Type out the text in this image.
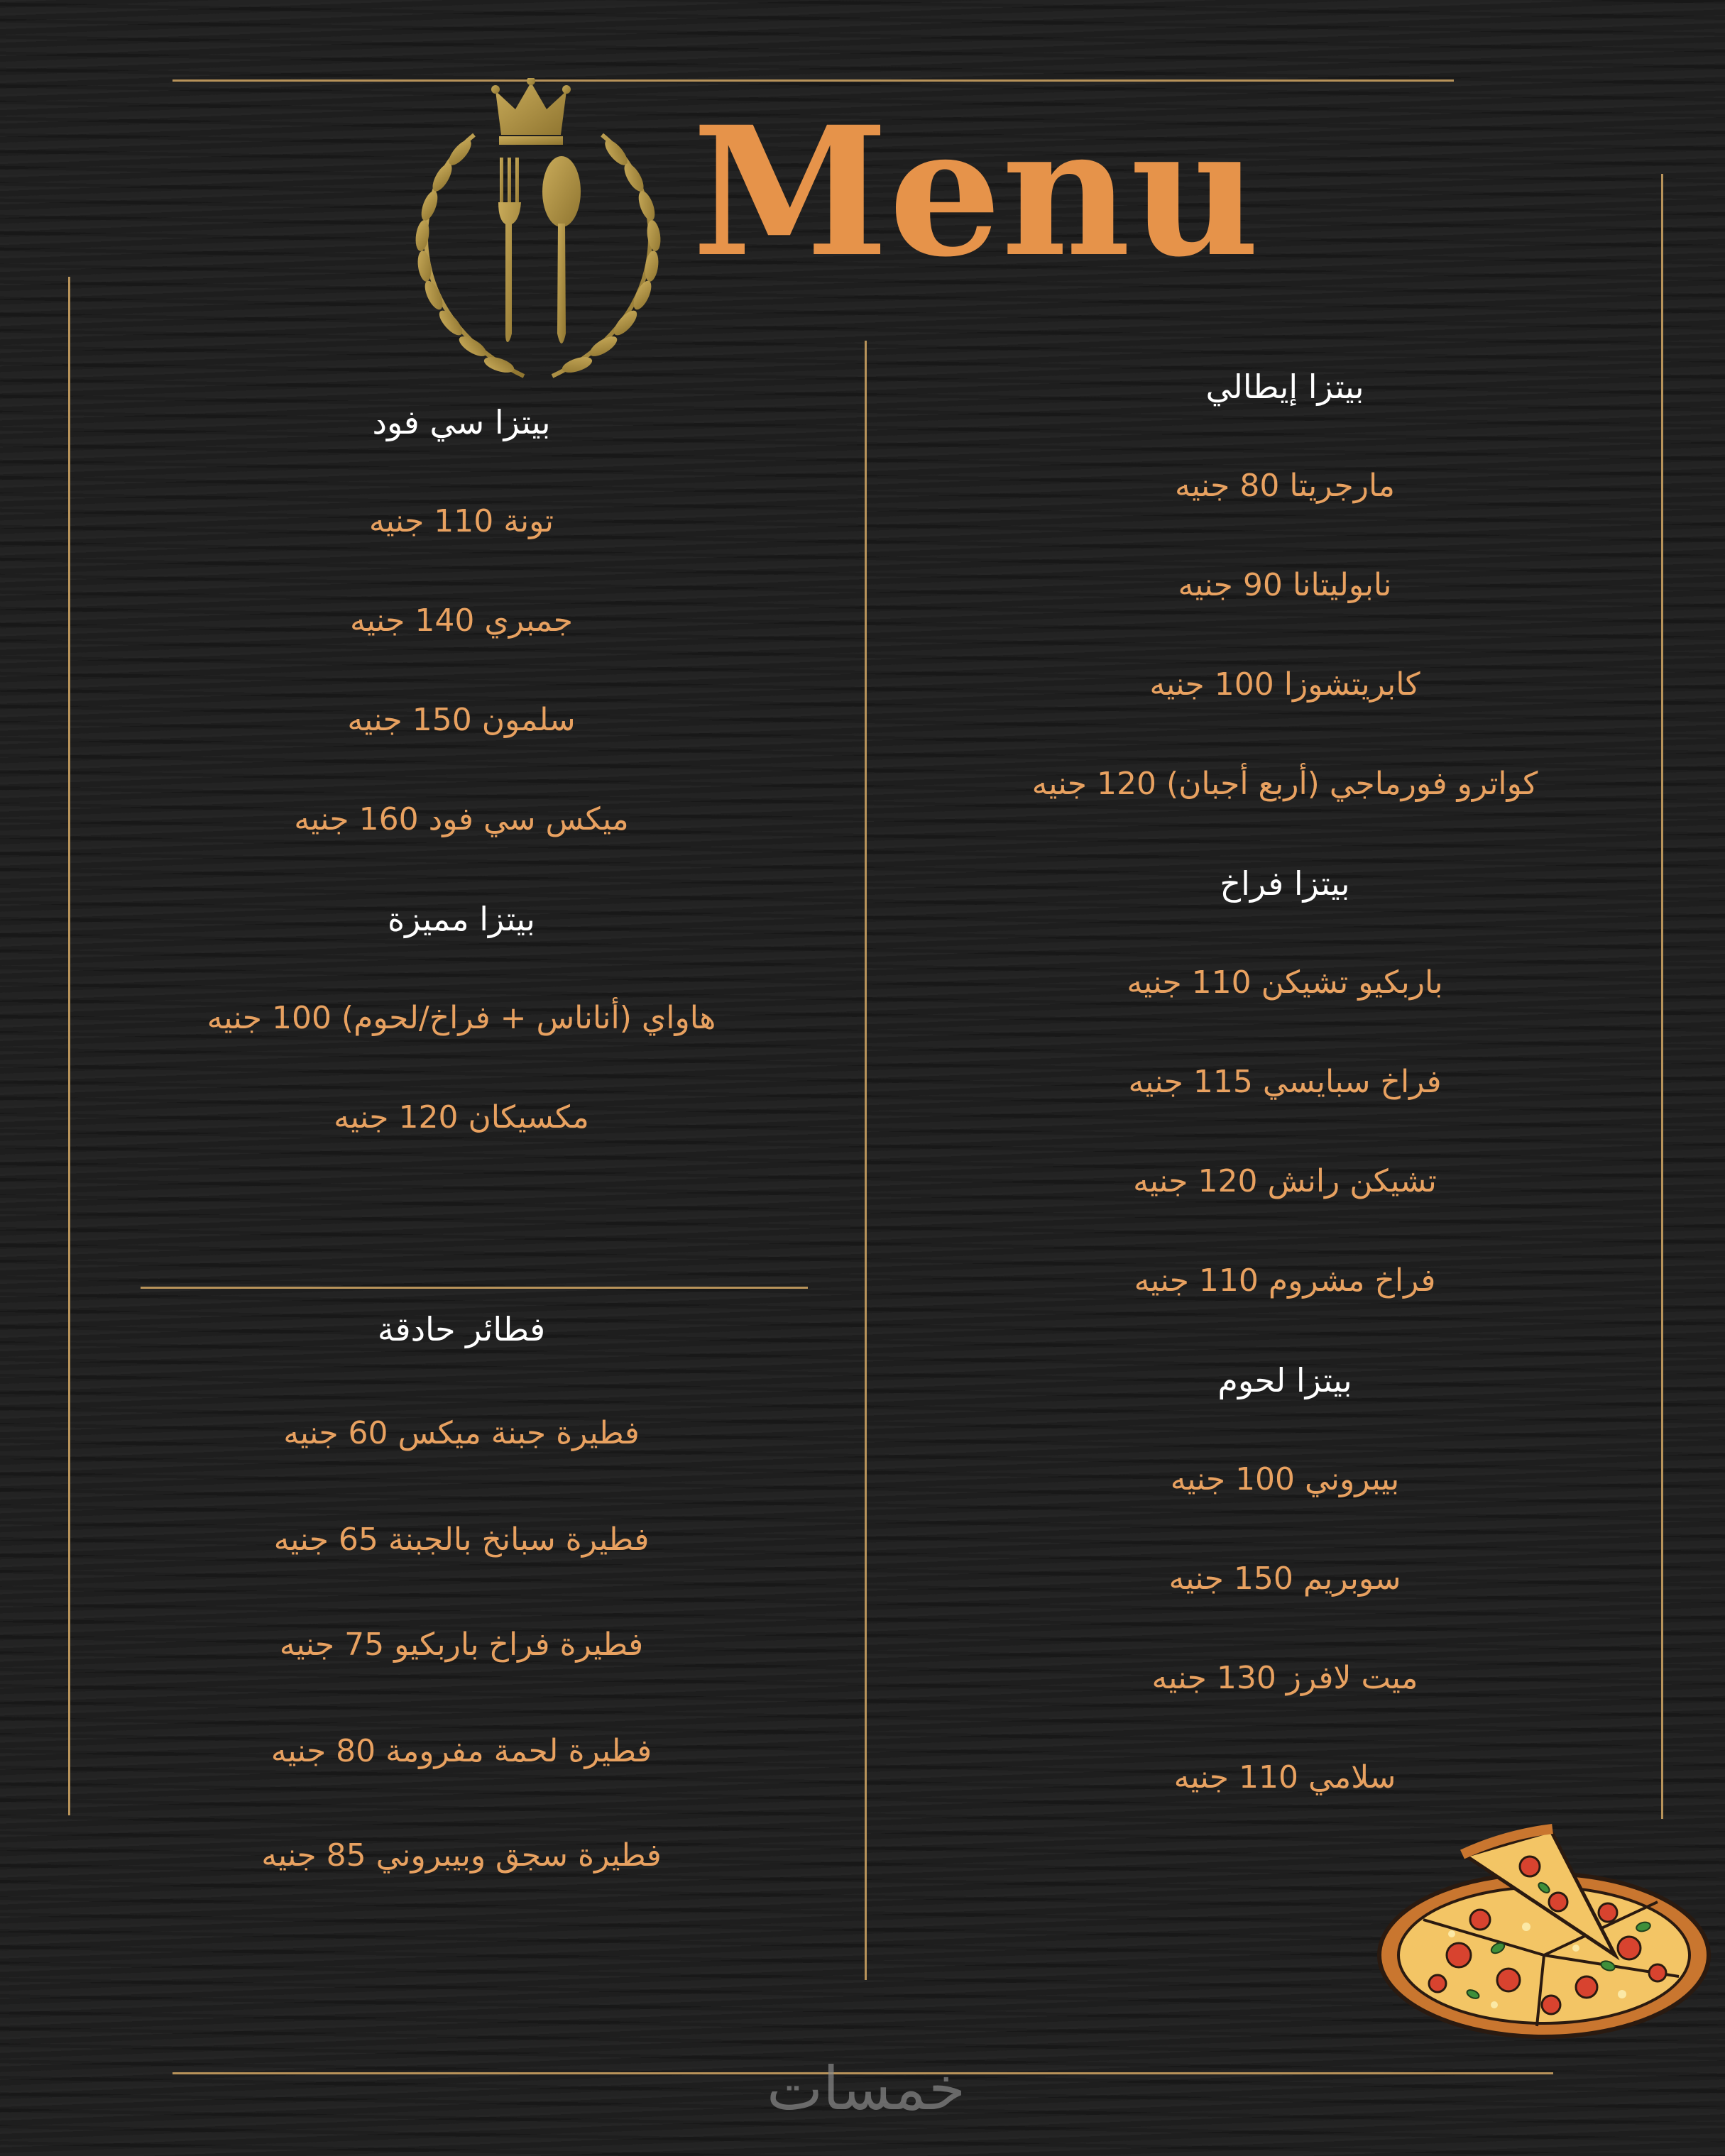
Menu
بيتزا سي فود

تونة 110 جنيه

جمبري 140 جنيه

سلمون 150 جنيه

ميكس سي فود 160 جنيه

بيتزا مميزة

هاواي (أناناس + فراخ/لحوم) 100 جنيه

مكسيكان 120 جنيه

فطائر حادقة

فطيرة جبنة ميكس 60 جنيه

فطيرة سبانخ بالجبنة 65 جنيه

فطيرة فراخ باربكيو 75 جنيه

فطيرة لحمة مفرومة 80 جنيه

فطيرة سجق وبيبروني 85 جنيه

بيتزا إيطالي

مارجريتا 80 جنيه

نابوليتانا 90 جنيه

كابريتشوزا 100 جنيه

كواترو فورماجي (أربع أجبان) 120 جنيه

بيتزا فراخ

باربكيو تشيكن 110 جنيه

فراخ سبايسي 115 جنيه

تشيكن رانش 120 جنيه

فراخ مشروم 110 جنيه

بيتزا لحوم

بيبروني 100 جنيه

سوبريم 150 جنيه

ميت لافرز 130 جنيه

سلامي 110 جنيه

خمسات
